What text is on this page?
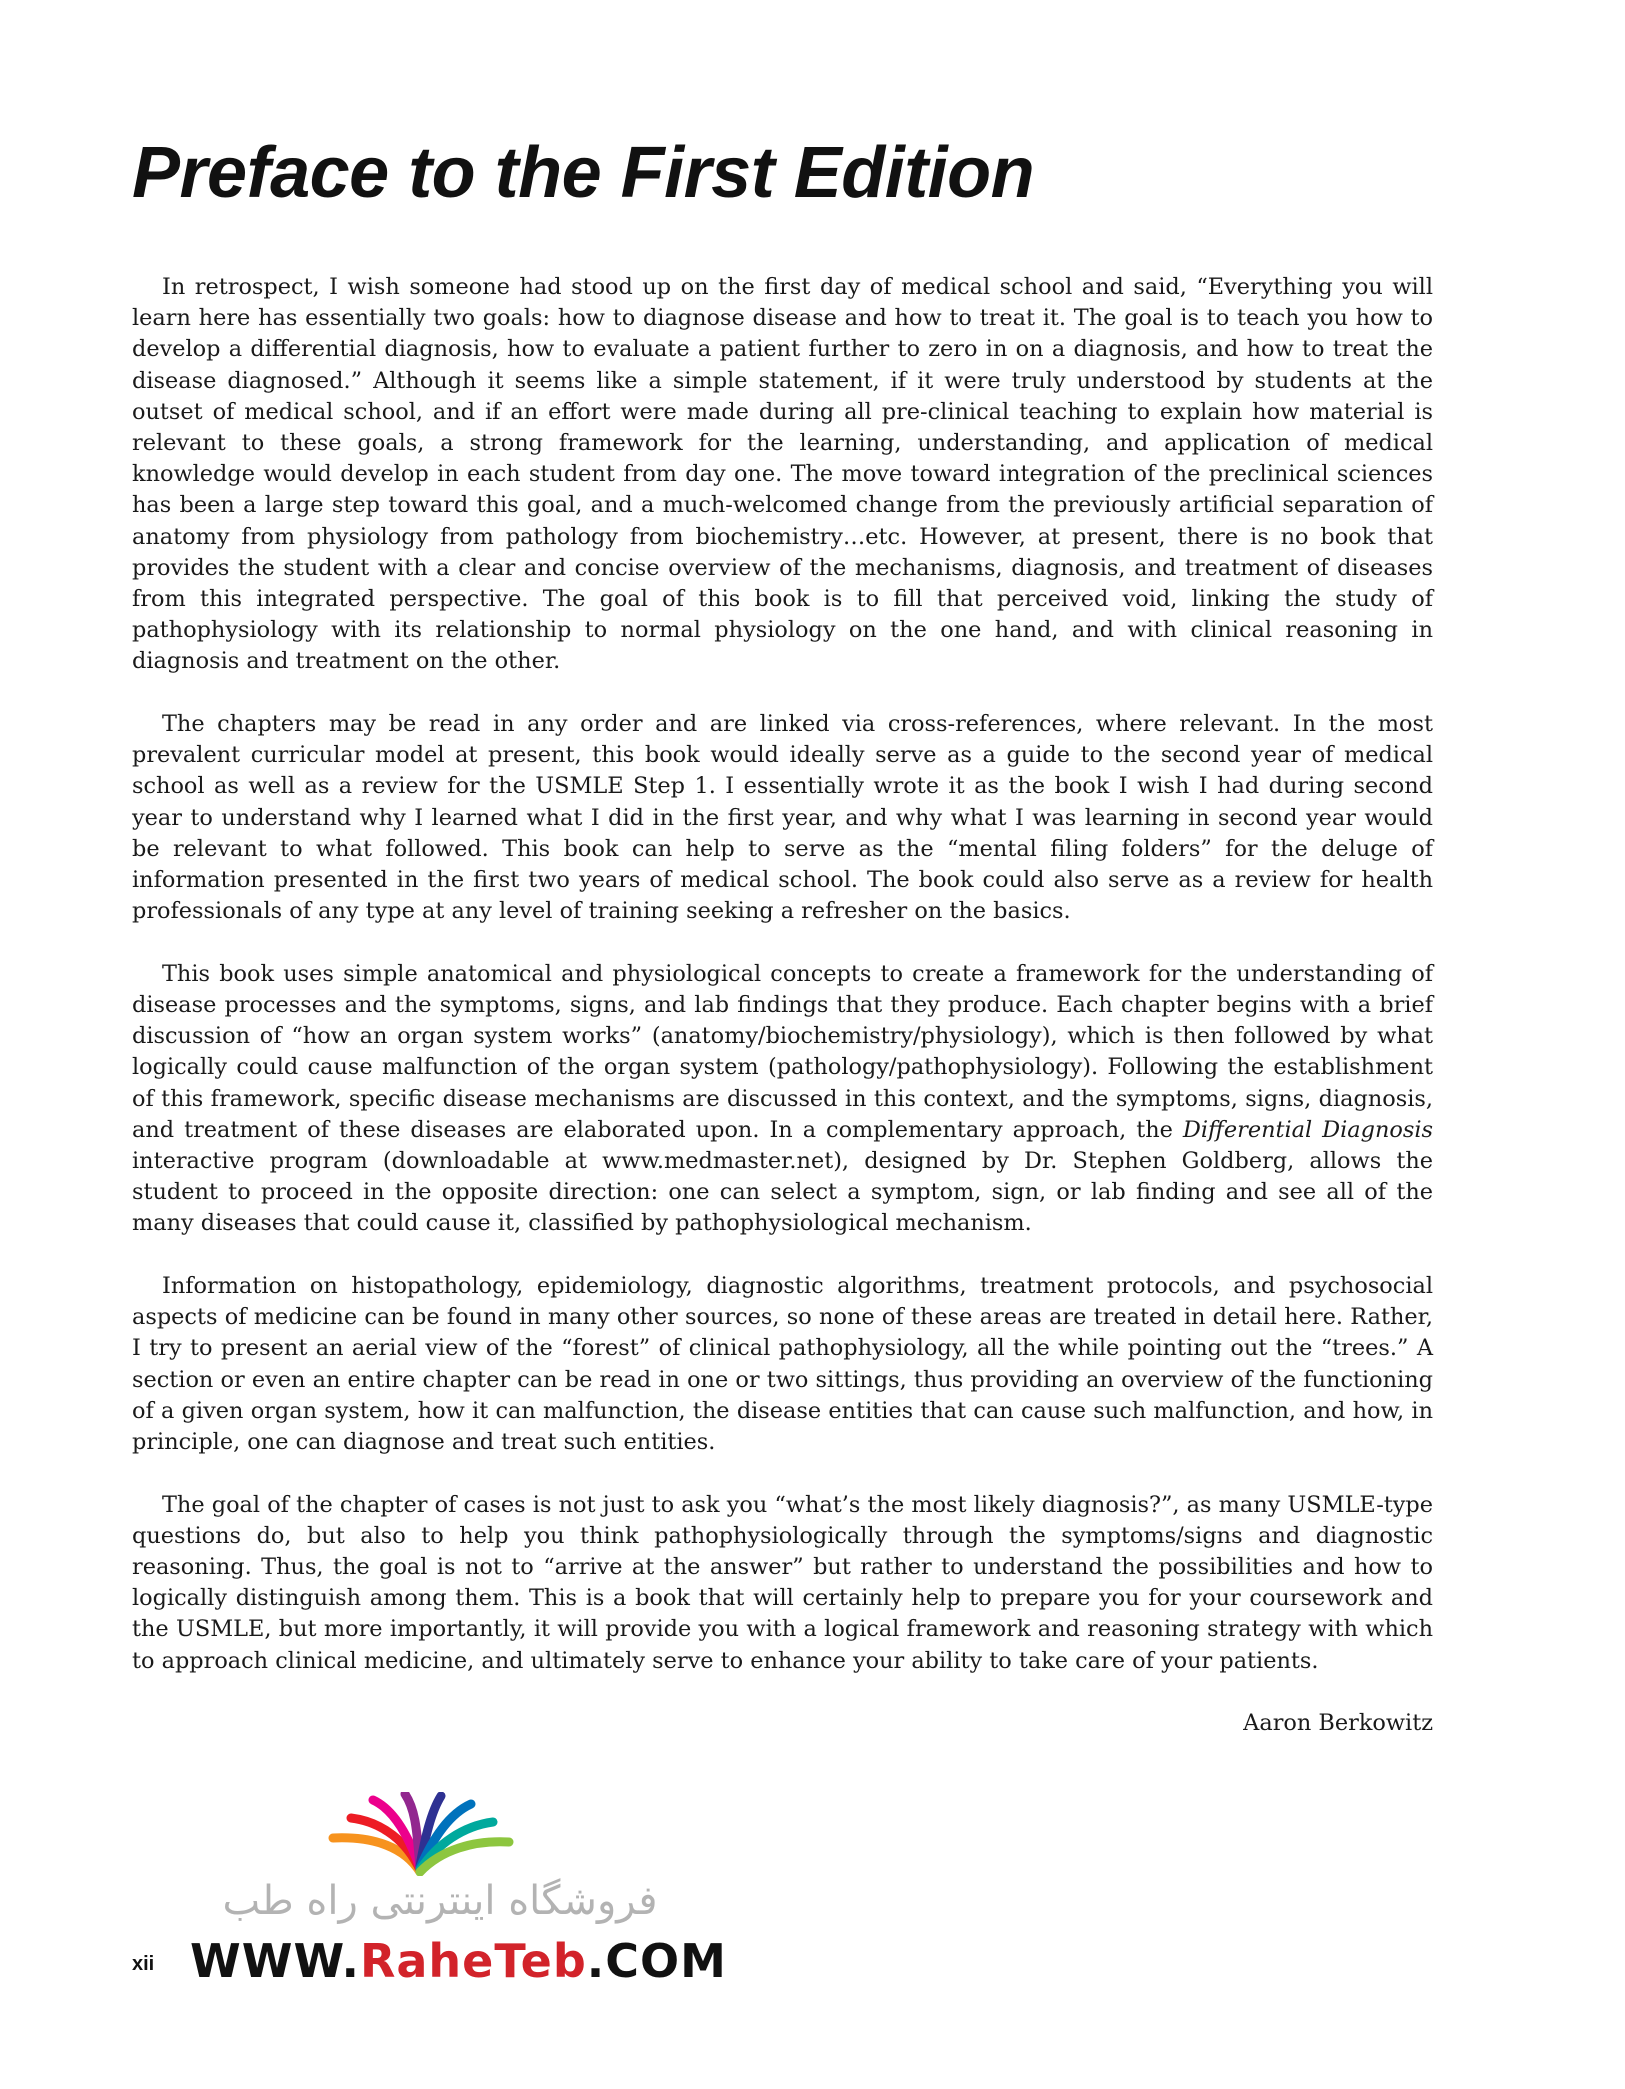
Preface to the First Edition

In retrospect, I wish someone had stood up on the first day of medical school and said, “Everything you will learn here has essentially two goals: how to diagnose disease and how to treat it. The goal is to teach you how to develop a differential diagnosis, how to evaluate a patient further to zero in on a diagnosis, and how to treat the disease diagnosed.” Although it seems like a simple statement, if it were truly understood by students at the outset of medical school, and if an effort were made during all pre-clinical teaching to explain how material is relevant to these goals, a strong framework for the learning, understanding, and application of medical knowledge would develop in each student from day one. The move toward integration of the preclinical sciences has been a large step toward this goal, and a much-welcomed change from the previously artificial separation of anatomy from physiology from pathology from biochemistry…etc. However, at present, there is no book that provides the student with a clear and concise overview of the mechanisms, diagnosis, and treatment of diseases from this integrated perspective. The goal of this book is to fill that perceived void, linking the study of pathophysiology with its relationship to normal physiology on the one hand, and with clinical reasoning in diagnosis and treatment on the other.

The chapters may be read in any order and are linked via cross-references, where relevant. In the most prevalent curricular model at present, this book would ideally serve as a guide to the second year of medical school as well as a review for the USMLE Step 1. I essentially wrote it as the book I wish I had during second year to understand why I learned what I did in the first year, and why what I was learning in second year would be relevant to what followed. This book can help to serve as the “mental filing folders” for the deluge of information presented in the first two years of medical school. The book could also serve as a review for health professionals of any type at any level of training seeking a refresher on the basics.

This book uses simple anatomical and physiological concepts to create a framework for the understanding of disease processes and the symptoms, signs, and lab findings that they produce. Each chapter begins with a brief discussion of “how an organ system works” (anatomy/biochemistry/physiology), which is then followed by what logically could cause malfunction of the organ system (pathology/pathophysiology). Following the establishment of this framework, specific disease mechanisms are discussed in this context, and the symptoms, signs, diagnosis, and treatment of these diseases are elaborated upon. In a complementary approach, the Differential Diagnosis interactive program (downloadable at www.medmaster.net), designed by Dr. Stephen Goldberg, allows the student to proceed in the opposite direction: one can select a symptom, sign, or lab finding and see all of the many diseases that could cause it, classified by pathophysiological mechanism.

Information on histopathology, epidemiology, diagnostic algorithms, treatment protocols, and psychosocial aspects of medicine can be found in many other sources, so none of these areas are treated in detail here. Rather, I try to present an aerial view of the “forest” of clinical pathophysiology, all the while pointing out the “trees.” A section or even an entire chapter can be read in one or two sittings, thus providing an overview of the functioning of a given organ system, how it can malfunction, the disease entities that can cause such malfunction, and how, in principle, one can diagnose and treat such entities.

The goal of the chapter of cases is not just to ask you “what’s the most likely diagnosis?”, as many USMLE-type questions do, but also to help you think pathophysiologically through the symptoms/signs and diagnostic reasoning. Thus, the goal is not to “arrive at the answer” but rather to understand the possibilities and how to logically distinguish among them. This is a book that will certainly help to prepare you for your coursework and the USMLE, but more importantly, it will provide you with a logical framework and reasoning strategy with which to approach clinical medicine, and ultimately serve to enhance your ability to take care of your patients.

Aaron Berkowitz

فروشگاه اینترنتی راه طب
WWW.RaheTeb.COM
xii
